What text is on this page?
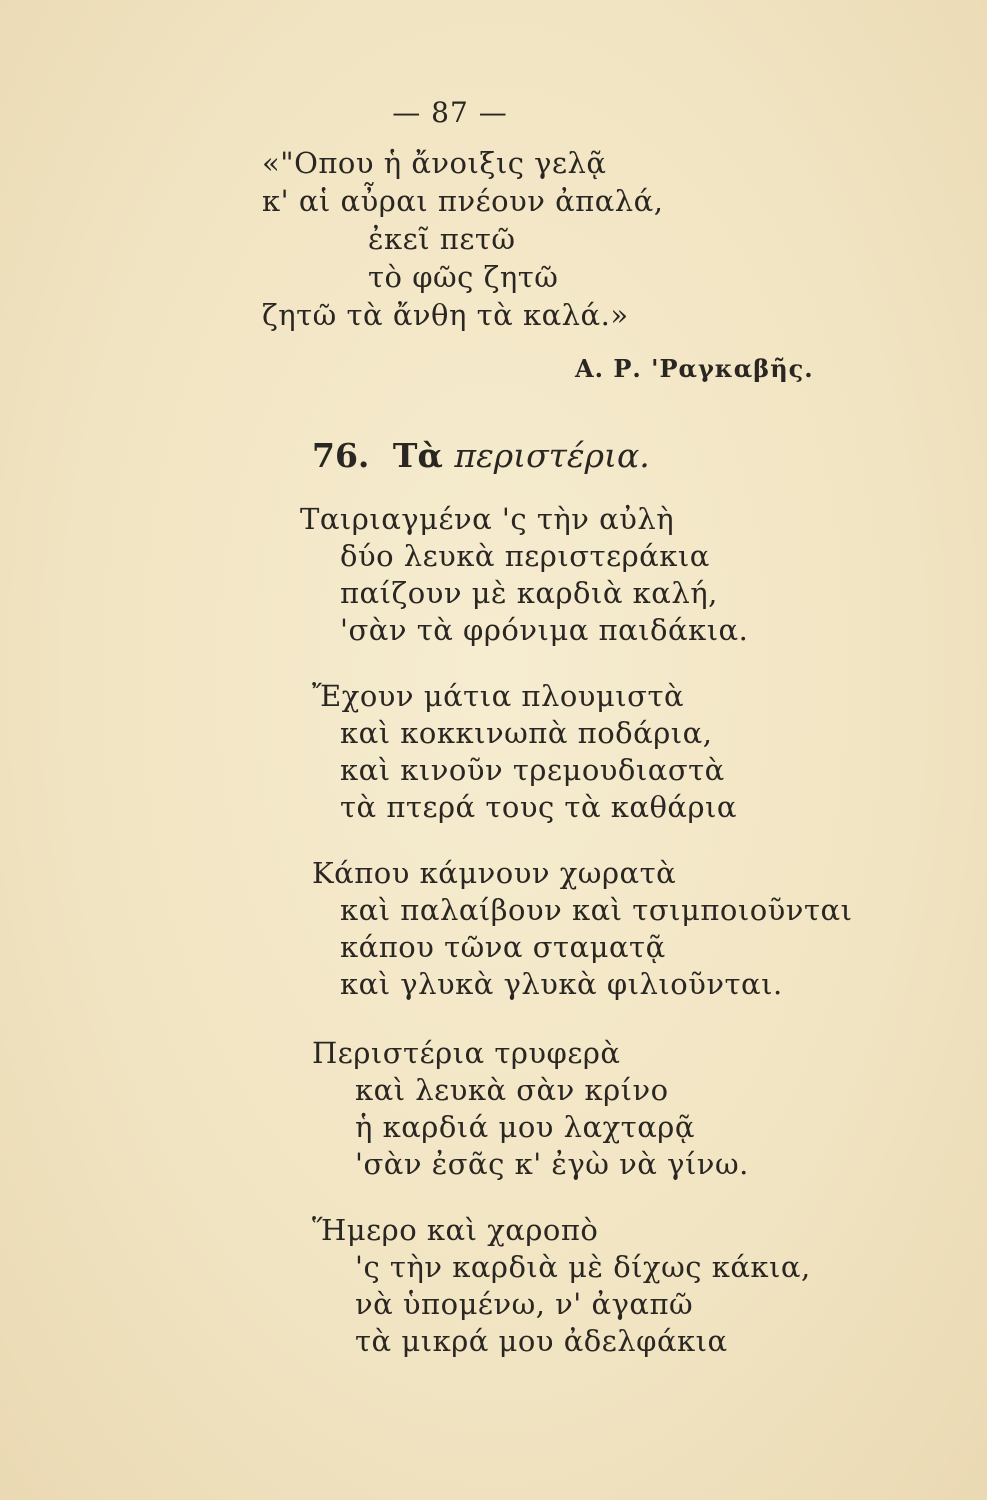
— 87 —
«"Οπου ἡ ἄνοιξις γελᾷ
κ' αἱ αὖραι πνέουν ἀπαλά,
ἐκεῖ πετῶ
τὸ φῶς ζητῶ
ζητῶ τὰ ἄνθη τὰ καλά.»
Α. Ρ. 'Ραγκαβῆς.
76. Τὰ περιστέρια.
Ταιριαγμένα 'ς τὴν αὐλὴ
δύο λευκὰ περιστεράκια
παίζουν μὲ καρδιὰ καλή,
'σὰν τὰ φρόνιμα παιδάκια.
Ἔχουν μάτια πλουμιστὰ
καὶ κοκκινωπὰ ποδάρια,
καὶ κινοῦν τρεμουδιαστὰ
τὰ πτερά τους τὰ καθάρια
Κάπου κάμνουν χωρατὰ
καὶ παλαίβουν καὶ τσιμποιοῦνται
κάπου τῶνα σταματᾷ
καὶ γλυκὰ γλυκὰ φιλιοῦνται.
Περιστέρια τρυφερὰ
καὶ λευκὰ σὰν κρίνο
ἡ καρδιά μου λαχταρᾷ
'σὰν ἐσᾶς κ' ἐγὼ νὰ γίνω.
Ἥμερο καὶ χαροπὸ
'ς τὴν καρδιὰ μὲ δίχως κάκια,
νὰ ὑπομένω, ν' ἀγαπῶ
τὰ μικρά μου ἀδελφάκια
